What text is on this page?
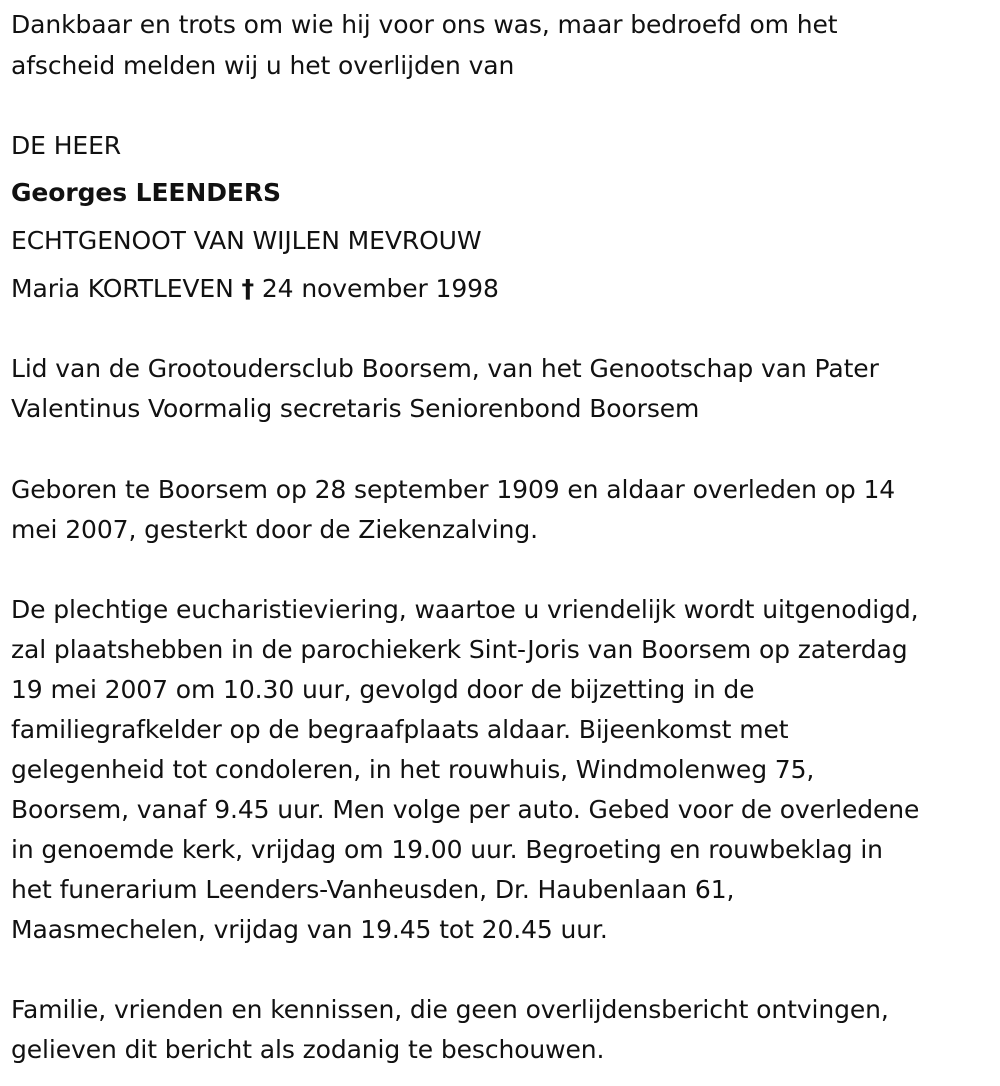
Dankbaar en trots om wie hij voor ons was, maar bedroefd om het
afscheid melden wij u het overlijden van
DE HEER
Georges LEENDERS
ECHTGENOOT VAN WIJLEN MEVROUW
Maria KORTLEVEN † 24 november 1998
Lid van de Grootoudersclub Boorsem, van het Genootschap van Pater
Valentinus Voormalig secretaris Seniorenbond Boorsem
Geboren te Boorsem op 28 september 1909 en aldaar overleden op 14
mei 2007, gesterkt door de Ziekenzalving.
De plechtige eucharistieviering, waartoe u vriendelijk wordt uitgenodigd,
zal plaatshebben in de parochiekerk Sint-Joris van Boorsem op zaterdag
19 mei 2007 om 10.30 uur, gevolgd door de bijzetting in de
familiegrafkelder op de begraafplaats aldaar. Bijeenkomst met
gelegenheid tot condoleren, in het rouwhuis, Windmolenweg 75,
Boorsem, vanaf 9.45 uur. Men volge per auto. Gebed voor de overledene
in genoemde kerk, vrijdag om 19.00 uur. Begroeting en rouwbeklag in
het funerarium Leenders-Vanheusden, Dr. Haubenlaan 61,
Maasmechelen, vrijdag van 19.45 tot 20.45 uur.
Familie, vrienden en kennissen, die geen overlijdensbericht ontvingen,
gelieven dit bericht als zodanig te beschouwen.
